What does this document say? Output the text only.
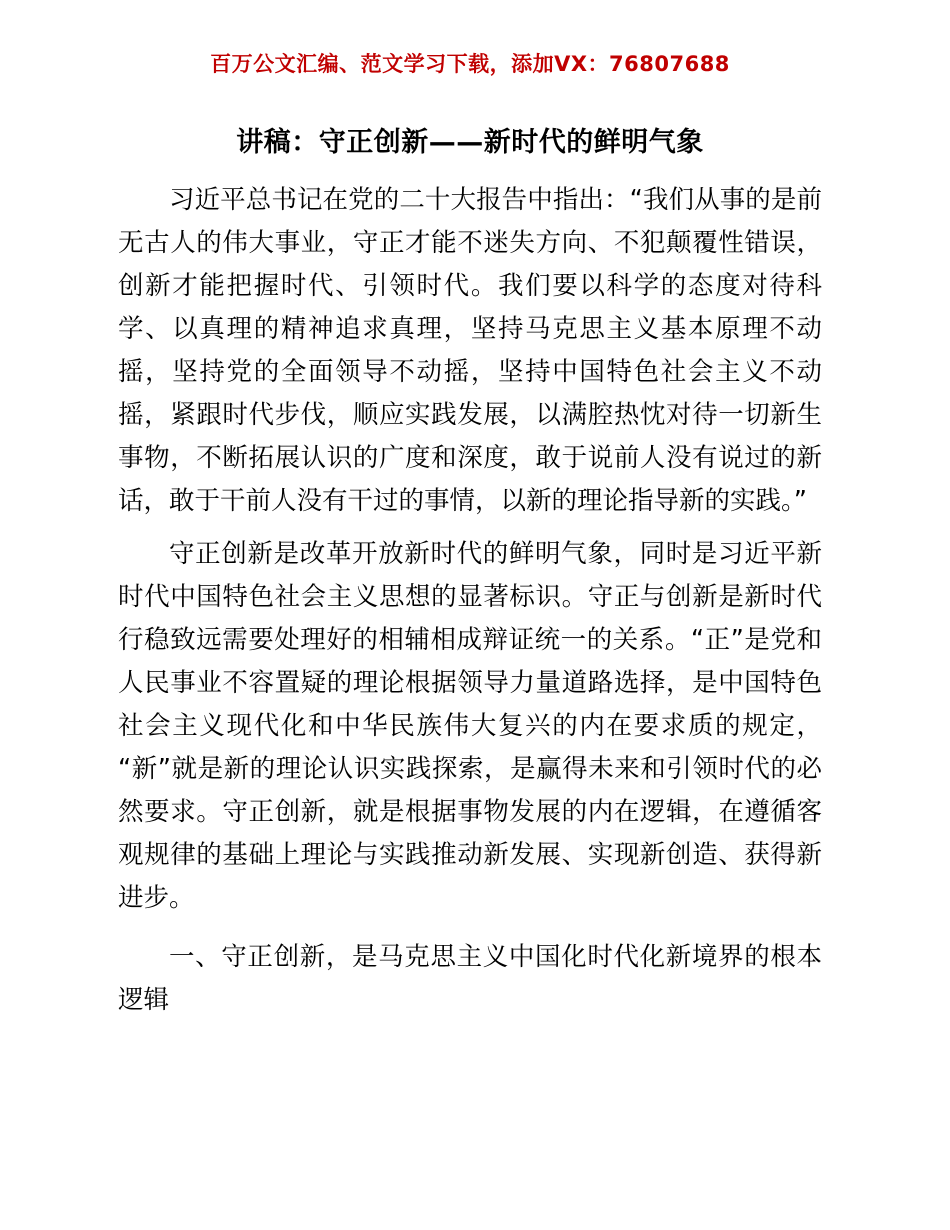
百万公文汇编、范文学习下载，添加VX：76807688
讲稿：守正创新——新时代的鲜明气象

习近平总书记在党的二十大报告中指出：“我们从事的是前无古人的伟大事业，守正才能不迷失方向、不犯颠覆性错误，创新才能把握时代、引领时代。我们要以科学的态度对待科学、以真理的精神追求真理，坚持马克思主义基本原理不动摇，坚持党的全面领导不动摇，坚持中国特色社会主义不动摇，紧跟时代步伐，顺应实践发展，以满腔热忱对待一切新生事物，不断拓展认识的广度和深度，敢于说前人没有说过的新话，敢于干前人没有干过的事情，以新的理论指导新的实践。”

守正创新是改革开放新时代的鲜明气象，同时是习近平新时代中国特色社会主义思想的显著标识。守正与创新是新时代行稳致远需要处理好的相辅相成辩证统一的关系。“正”是党和人民事业不容置疑的理论根据领导力量道路选择，是中国特色社会主义现代化和中华民族伟大复兴的内在要求质的规定，“新”就是新的理论认识实践探索，是赢得未来和引领时代的必然要求。守正创新，就是根据事物发展的内在逻辑，在遵循客观规律的基础上理论与实践推动新发展、实现新创造、获得新进步。

一、守正创新，是马克思主义中国化时代化新境界的根本逻辑
